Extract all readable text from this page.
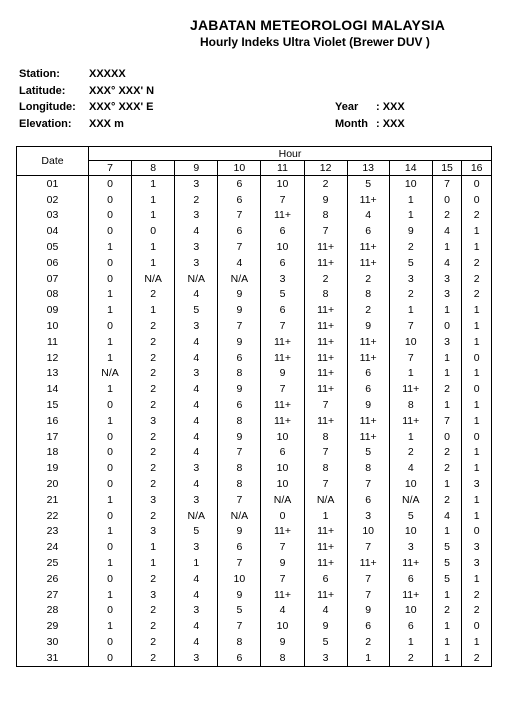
JABATAN METEOROLOGI MALAYSIA
Hourly Indeks Ultra Violet (Brewer DUV )
Station:	XXXXX
Latitude: XXX° XXX' N
Longitude: XXX° XXX' E
Elevation: XXX m
Year : XXX
Month : XXX
Date	Hour									
	7	8	9	10	11	12	13	14	15	16
01	0	1	3	6	10	2	5	10	7	0
02	0	1	2	6	7	9	11+	1	0	0
03	0	1	3	7	11+	8	4	1	2	2
04	0	0	4	6	6	7	6	9	4	1
05	1	1	3	7	10	11+	11+	2	1	1
06	0	1	3	4	6	11+	11+	5	4	2
07	0	N/A	N/A	N/A	3	2	2	3	3	2
08	1	2	4	9	5	8	8	2	3	2
09	1	1	5	9	6	11+	2	1	1	1
10	0	2	3	7	7	11+	9	7	0	1
11	1	2	4	9	11+	11+	11+	10	3	1
12	1	2	4	6	11+	11+	11+	7	1	0
13	N/A	2	3	8	9	11+	6	1	1	1
14	1	2	4	9	7	11+	6	11+	2	0
15	0	2	4	6	11+	7	9	8	1	1
16	1	3	4	8	11+	11+	11+	11+	7	1
17	0	2	4	9	10	8	11+	1	0	0
18	0	2	4	7	6	7	5	2	2	1
19	0	2	3	8	10	8	8	4	2	1
20	0	2	4	8	10	7	7	10	1	3
21	1	3	3	7	N/A	N/A	6	N/A	2	1
22	0	2	N/A	N/A	0	1	3	5	4	1
23	1	3	5	9	11+	11+	10	10	1	0
24	0	1	3	6	7	11+	7	3	5	3
25	1	1	1	7	9	11+	11+	11+	5	3
26	0	2	4	10	7	6	7	6	5	1
27	1	3	4	9	11+	11+	7	11+	1	2
28	0	2	3	5	4	4	9	10	2	2
29	1	2	4	7	10	9	6	6	1	0
30	0	2	4	8	9	5	2	1	1	1
31	0	2	3	6	8	3	1	2	1	2
